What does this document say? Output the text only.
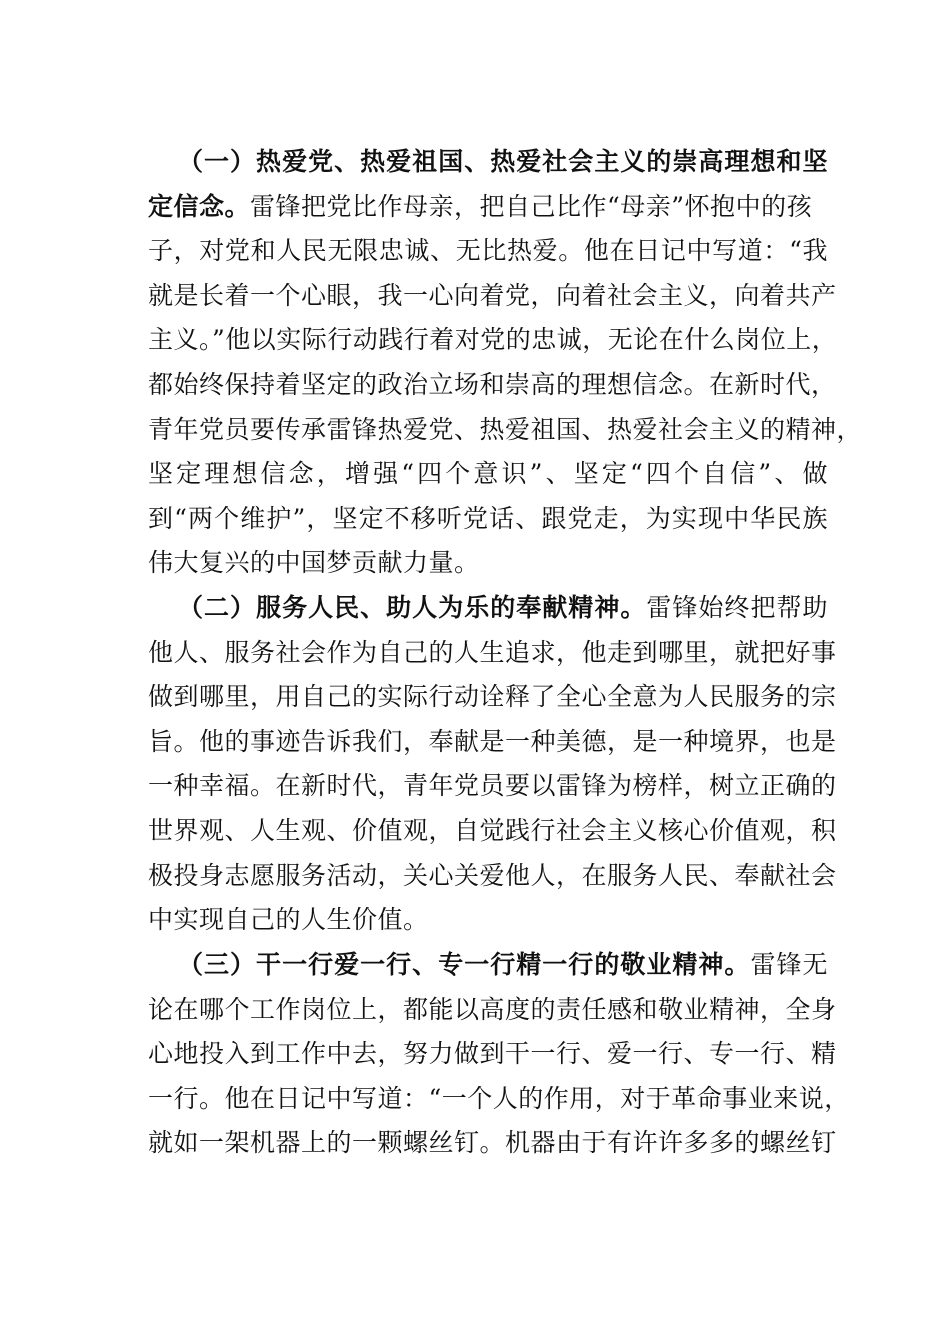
（一）热爱党、热爱祖国、热爱社会主义的崇高理想和坚
定信念。雷锋把党比作母亲，把自己比作“母亲”怀抱中的孩
子，对党和人民无限忠诚、无比热爱。他在日记中写道：“我
就是长着一个心眼，我一心向着党，向着社会主义，向着共产
主义。”他以实际行动践行着对党的忠诚，无论在什么岗位上，
都始终保持着坚定的政治立场和崇高的理想信念。在新时代，
青年党员要传承雷锋热爱党、热爱祖国、热爱社会主义的精神，
坚定理想信念，增强“四个意识”、坚定“四个自信”、做
到“两个维护”，坚定不移听党话、跟党走，为实现中华民族
伟大复兴的中国梦贡献力量。
（二）服务人民、助人为乐的奉献精神。雷锋始终把帮助
他人、服务社会作为自己的人生追求，他走到哪里，就把好事
做到哪里，用自己的实际行动诠释了全心全意为人民服务的宗
旨。他的事迹告诉我们，奉献是一种美德，是一种境界，也是
一种幸福。在新时代，青年党员要以雷锋为榜样，树立正确的
世界观、人生观、价值观，自觉践行社会主义核心价值观，积
极投身志愿服务活动，关心关爱他人，在服务人民、奉献社会
中实现自己的人生价值。
（三）干一行爱一行、专一行精一行的敬业精神。雷锋无
论在哪个工作岗位上，都能以高度的责任感和敬业精神，全身
心地投入到工作中去，努力做到干一行、爱一行、专一行、精
一行。他在日记中写道：“一个人的作用，对于革命事业来说，
就如一架机器上的一颗螺丝钉。机器由于有许许多多的螺丝钉
